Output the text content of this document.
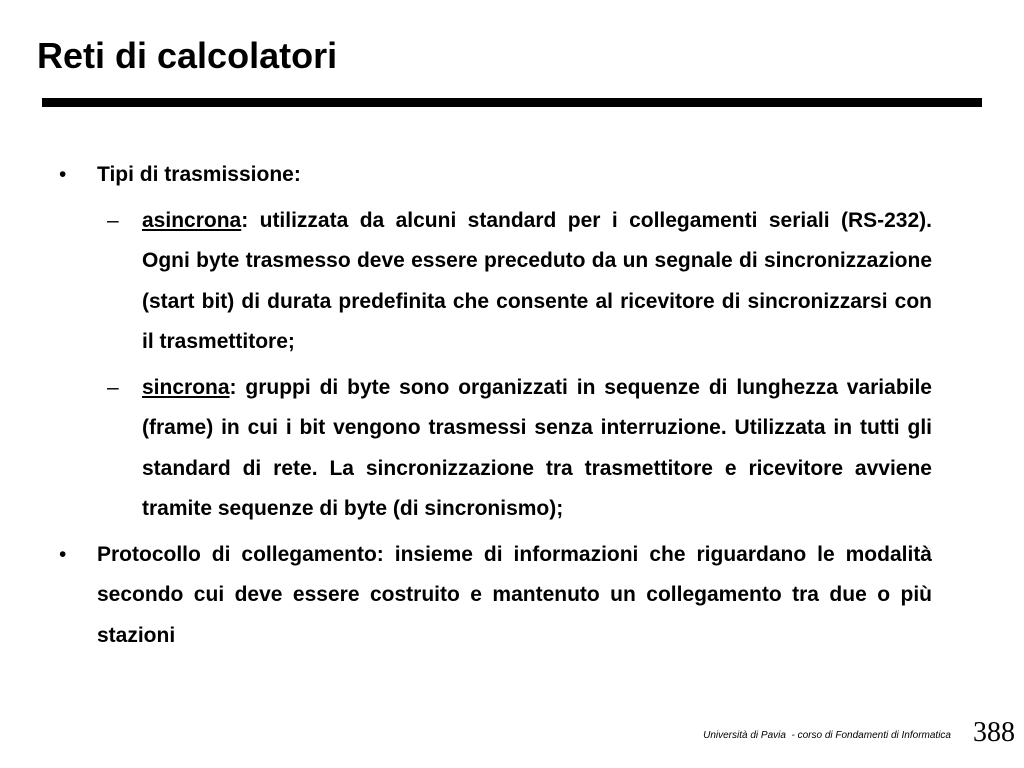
Reti di calcolatori
• Tipi di trasmissione:
– asincrona: utilizzata da alcuni standard per i collegamenti seriali (RS-232). Ogni byte trasmesso deve essere preceduto da un segnale di sincronizzazione (start bit) di durata predefinita che consente al ricevitore di sincronizzarsi con il trasmettitore;
– sincrona: gruppi di byte sono organizzati in sequenze di lunghezza variabile (frame) in cui i bit vengono trasmessi senza interruzione. Utilizzata in tutti gli standard di rete. La sincronizzazione tra trasmettitore e ricevitore avviene tramite sequenze di byte (di sincronismo);
• Protocollo di collegamento: insieme di informazioni che riguardano le modalità secondo cui deve essere costruito e mantenuto un collegamento tra due o più stazioni
Università di Pavia  - corso di Fondamenti di Informatica 388
